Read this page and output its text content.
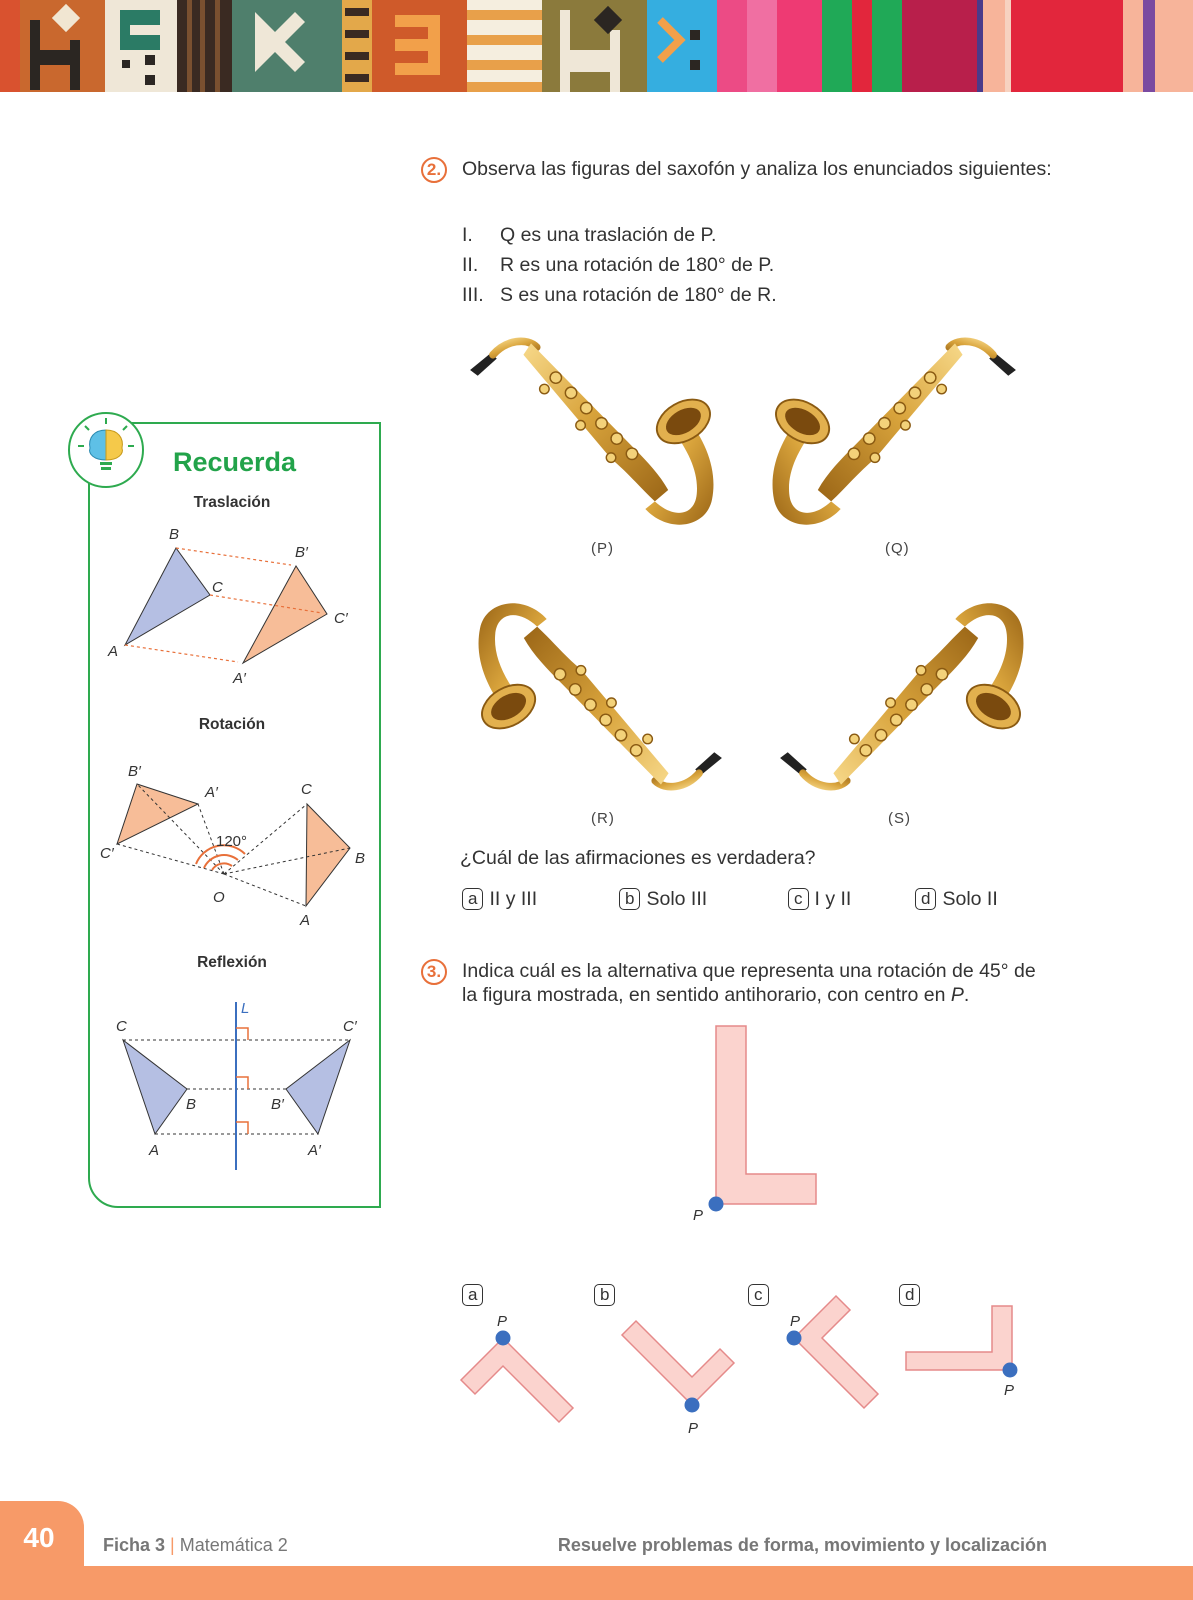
2.	Observa las figuras del saxofón y analiza los enunciados siguientes:
I. Q es una traslación de P.
II. R es una rotación de 180° de P.
III. S es una rotación de 180° de R.
(P)	(Q)
(R)	(S)
¿Cuál de las afirmaciones es verdadera?
a II y III	b Solo III	c I y II	d Solo II
3.	Indica cuál es la alternativa que representa una rotación de 45° de la figura mostrada, en sentido antihorario, con centro en P.
P
a	b	c	d
P
P
P
P
Recuerda
Traslación
B
B′
C
C′
A
A′
Rotación
B′
A′	C
120°
C′	B
O
A
Reflexión
L
C	C′
B	B′
A	A′
40	Ficha 3 | Matemática 2	Resuelve problemas de forma, movimiento y localización
